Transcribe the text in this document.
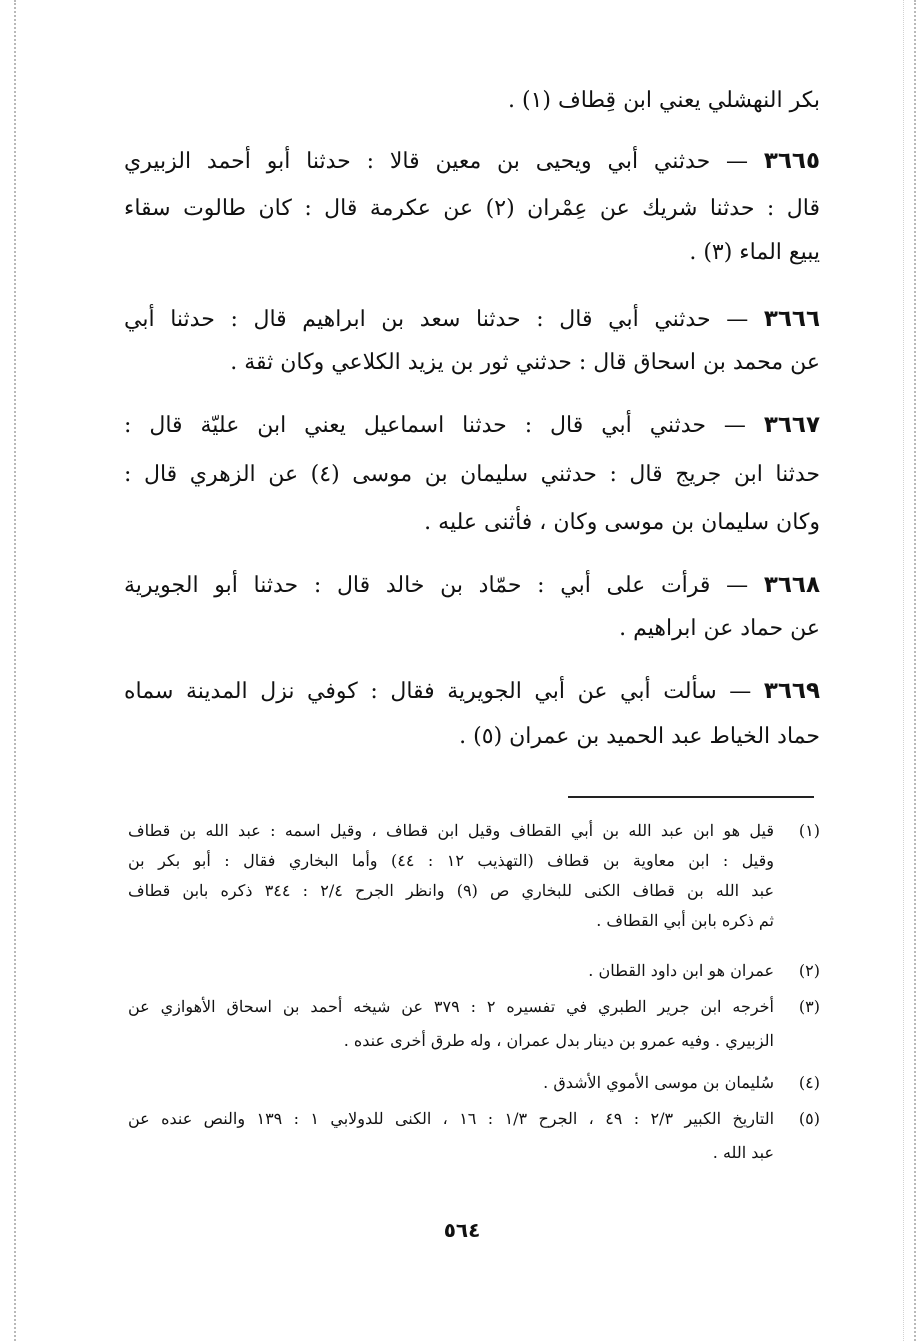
بكر النهشلي يعني ابن قِطاف (١) .
٣٦٦٥ — حدثني أبي ويحيى بن معين قالا : حدثنا أبو أحمد الزبيري
قال : حدثنا شريك عن عِمْران (٢) عن عكرمة قال : كان طالوت سقاء
يبيع الماء (٣) .
٣٦٦٦ — حدثني أبي قال : حدثنا سعد بن ابراهيم قال : حدثنا أبي
عن محمد بن اسحاق قال : حدثني ثور بن يزيد الكلاعي وكان ثقة .
٣٦٦٧ — حدثني أبي قال : حدثنا اسماعيل يعني ابن عليّة قال :
حدثنا ابن جريج قال : حدثني سليمان بن موسى (٤) عن الزهري قال :
وكان سليمان بن موسى وكان ، فأثنى عليه .
٣٦٦٨ — قرأت على أبي : حمّاد بن خالد قال : حدثنا أبو الجويرية
عن حماد عن ابراهيم .
٣٦٦٩ — سألت أبي عن أبي الجويرية فقال : كوفي نزل المدينة سماه
حماد الخياط عبد الحميد بن عمران (٥) .
(١)
قيل هو ابن عبد الله بن أبي القطاف وقيل ابن قطاف ، وقيل اسمه : عبد الله بن قطاف
وقيل : ابن معاوية بن قطاف (التهذيب ١٢ : ٤٤) وأما البخاري فقال : أبو بكر بن
عبد الله بن قطاف الكنى للبخاري ص (٩) وانظر الجرح ٢/٤ : ٣٤٤ ذكره بابن قطاف
ثم ذكره بابن أبي القطاف .
(٢)
عمران هو ابن داود القطان .
(٣)
أخرجه ابن جرير الطبري في تفسيره ٢ : ٣٧٩ عن شيخه أحمد بن اسحاق الأهوازي عن
الزبيري . وفيه عمرو بن دينار بدل عمران ، وله طرق أخرى عنده .
(٤)
سُليمان بن موسى الأموي الأشدق .
(٥)
التاريخ الكبير ٢/٣ : ٤٩ ، الجرح ١/٣ : ١٦ ، الكنى للدولابي ١ : ١٣٩ والنص عنده عن
عبد الله .
٥٦٤
